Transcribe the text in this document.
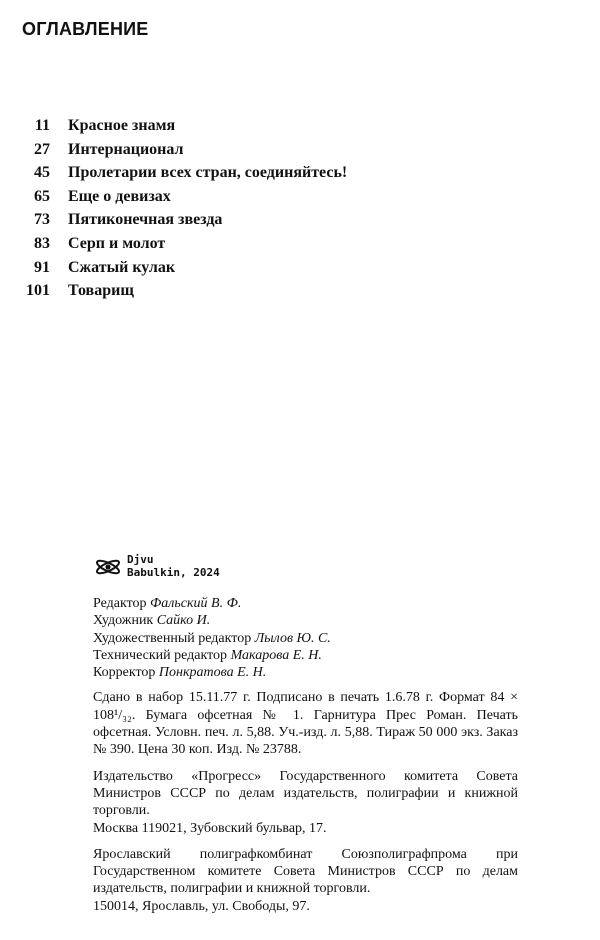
ОГЛАВЛЕНИЕ
11 Красное знамя
27 Интернационал
45 Пролетарии всех стран, соединяйтесь!
65 Еще о девизах
73 Пятиконечная звезда
83 Серп и молот
91 Сжатый кулак
101 Товарищ
Djvu
Babulkin, 2024

Редактор Фальский В. Ф.

Художник Сайко И.

Художественный редактор Лылов Ю. С.

Технический редактор Макарова Е. Н.

Корректор Понкратова Е. Н.

Сдано в набор 15.11.77 г. Подписано в печать 1.6.78 г. Формат 84 × 108¹/₃₂. Бумага офсетная № 1. Гарнитура Прес Роман. Печать офсетная. Условн. печ. л. 5,88. Уч.-изд. л. 5,88. Тираж 50 000 экз. Заказ № 390. Цена 30 коп. Изд. № 23788.

Издательство «Прогресс» Государственного комитета Совета Министров СССР по делам издательств, полиграфии и книжной торговли.

Москва 119021, Зубовский бульвар, 17.

Ярославский полиграфкомбинат Союзполиграфпрома при Государственном комитете Совета Министров СССР по делам издательств, полиграфии и книжной торговли.

150014, Ярославль, ул. Свободы, 97.
